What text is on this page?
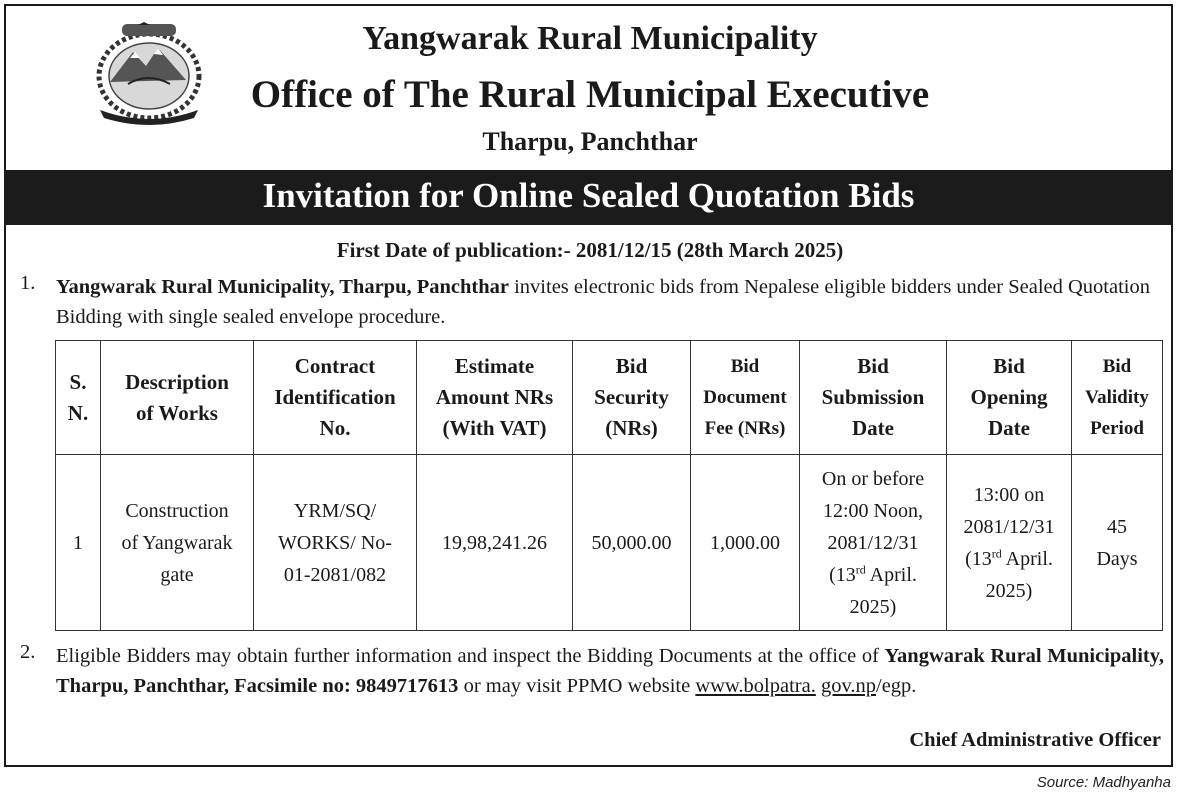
Yangwarak Rural Municipality
Office of The Rural Municipal Executive
Tharpu, Panchthar
Invitation for Online Sealed Quotation Bids
First Date of publication:- 2081/12/15 (28th March 2025)
1. Yangwarak Rural Municipality, Tharpu, Panchthar invites electronic bids from Nepalese eligible bidders under Sealed Quotation Bidding with single sealed envelope procedure.
S.
N.	Description
of Works	Contract
Identification
No.	Estimate
Amount NRs
(With VAT)	Bid
Security
(NRs)	Bid
Document
Fee (NRs)	Bid
Submission
Date	Bid
Opening
Date	Bid
Validity
Period
1	Construction
of Yangwarak
gate	YRM/SQ/
WORKS/ No-
01-2081/082	19,98,241.26	50,000.00	1,000.00	On or before
12:00 Noon,
2081/12/31
(13rd April.
2025)	13:00 on
2081/12/31
(13rd April.
2025)	45
Days
2. Eligible Bidders may obtain further information and inspect the Bidding Documents at the office of Yangwarak Rural Municipality, Tharpu, Panchthar, Facsimile no: 9849717613 or may visit PPMO website www.bolpatra. gov.np/egp.
Chief Administrative Officer
Source: Madhyanha
